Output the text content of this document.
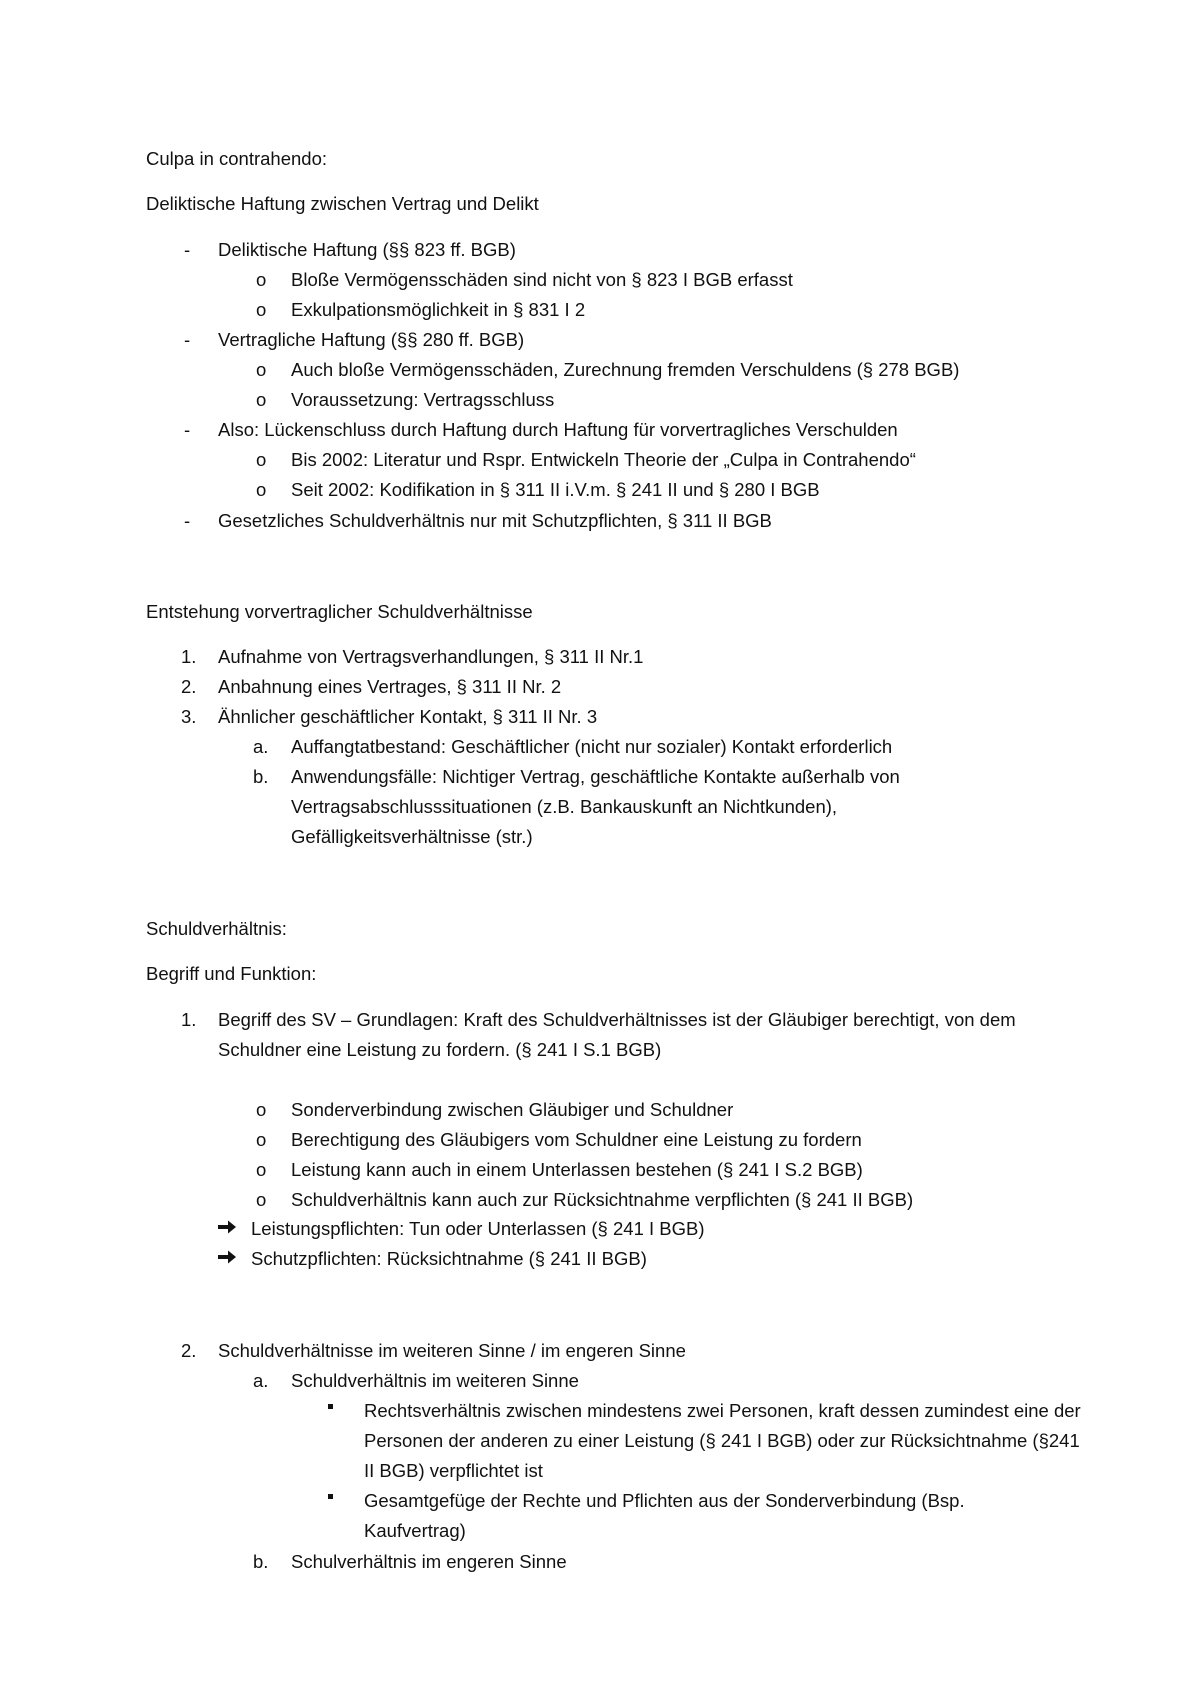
Culpa in contrahendo:
Deliktische Haftung zwischen Vertrag und Delikt
- Deliktische Haftung (§§ 823 ff. BGB)
o Bloße Vermögensschäden sind nicht von § 823 I BGB erfasst
o Exkulpationsmöglichkeit in § 831 I 2
- Vertragliche Haftung (§§ 280 ff. BGB)
o Auch bloße Vermögensschäden, Zurechnung fremden Verschuldens (§ 278 BGB)
o Voraussetzung: Vertragsschluss
- Also: Lückenschluss durch Haftung durch Haftung für vorvertragliches Verschulden
o Bis 2002: Literatur und Rspr. Entwickeln Theorie der „Culpa in Contrahendo“
o Seit 2002: Kodifikation in § 311 II i.V.m. § 241 II und § 280 I BGB
- Gesetzliches Schuldverhältnis nur mit Schutzpflichten, § 311 II BGB
Entstehung vorvertraglicher Schuldverhältnisse
1. Aufnahme von Vertragsverhandlungen, § 311 II Nr.1
2. Anbahnung eines Vertrages, § 311 II Nr. 2
3. Ähnlicher geschäftlicher Kontakt, § 311 II Nr. 3
a. Auffangtatbestand: Geschäftlicher (nicht nur sozialer) Kontakt erforderlich
b. Anwendungsfälle: Nichtiger Vertrag, geschäftliche Kontakte außerhalb von Vertragsabschlusssituationen (z.B. Bankauskunft an Nichtkunden), Gefälligkeitsverhältnisse (str.)
Schuldverhältnis:
Begriff und Funktion:
1. Begriff des SV – Grundlagen: Kraft des Schuldverhältnisses ist der Gläubiger berechtigt, von dem Schuldner eine Leistung zu fordern. (§ 241 I S.1 BGB)
o Sonderverbindung zwischen Gläubiger und Schuldner
o Berechtigung des Gläubigers vom Schuldner eine Leistung zu fordern
o Leistung kann auch in einem Unterlassen bestehen (§ 241 I S.2 BGB)
o Schuldverhältnis kann auch zur Rücksichtnahme verpflichten (§ 241 II BGB)
Leistungspflichten: Tun oder Unterlassen (§ 241 I BGB)
Schutzpflichten: Rücksichtnahme (§ 241 II BGB)
2. Schuldverhältnisse im weiteren Sinne / im engeren Sinne
a. Schuldverhältnis im weiteren Sinne
Rechtsverhältnis zwischen mindestens zwei Personen, kraft dessen zumindest eine der Personen der anderen zu einer Leistung (§ 241 I BGB) oder zur Rücksichtnahme (§241 II BGB) verpflichtet ist
Gesamtgefüge der Rechte und Pflichten aus der Sonderverbindung (Bsp. Kaufvertrag)
b. Schulverhältnis im engeren Sinne
